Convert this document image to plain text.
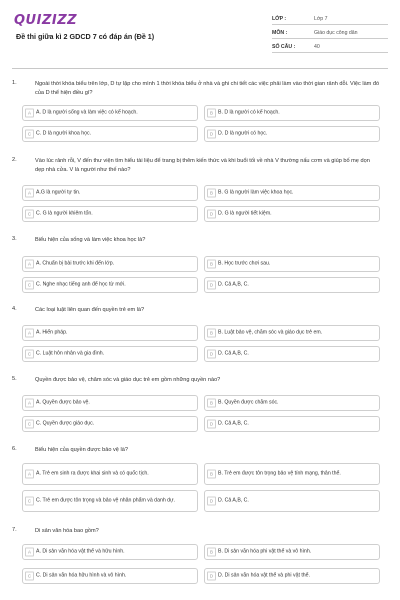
QUIZIZZ
Đề thi giữa kì 2 GDCD 7 có đáp án (Đề 1)
LỚP :	Lớp 7
MÔN :	Giáo dục công dân
SỐ CÂU :	40
1.	Ngoài thời khóa biểu trên lớp, D tự lập cho mình 1 thời khóa biểu ở nhà và ghi chi tiết các việc phải làm vào thời gian rảnh dỗi. Việc làm đó của D thể hiện điều gì?
A A. D là người sống và làm việc có kế hoạch.	B B. D là người có kế hoạch.
C C. D là người khoa học.	D D. D là người có học.
2.	Vào lúc rảnh rỗi, V đến thư viện tìm hiểu tài liệu để trang bị thêm kiến thức và khi buổi tối về nhà V thường nấu cơm và giúp bố mẹ dọn dẹp nhà cửa. V là người như thế nào?
A A.G là người tự tin.	B B. G là người làm việc khoa học.
C C. G là người khiêm tốn.	D D. G là người tiết kiệm.
3.	Biểu hiện của sống và làm việc khoa học là?
A A. Chuẩn bị bài trước khi đến lớp.	B B. Học trước chơi sau.
C C. Nghe nhạc tiếng anh để học từ mới.	D D. Cả A,B, C.
4.	Các loại luật liên quan đến quyền trẻ em là?
A A. Hiến pháp.	B B. Luật bảo vệ, chăm sóc và giáo dục trẻ em.
C C. Luật hôn nhân và gia đình.	D D. Cả A,B, C.
5.	Quyền được bảo vệ, chăm sóc và giáo dục trẻ em gồm những quyền nào?
A A. Quyền được bảo vệ.	B B. Quyền được chăm sóc.
C C. Quyền được giáo dục.	D D. Cả A,B, C.
6.	Biểu hiện của quyền được bảo vệ là?
A A. Trẻ em sinh ra được khai sinh và có quốc tịch.	B B. Trẻ em được tôn trọng bảo vệ tính mạng, thân thể.
C C. Trẻ em được tôn trọng và bảo vệ nhân phẩm và danh dự.	D D. Cả A,B, C.
7.	Di sản văn hóa bao gồm?
A A. Di sản văn hóa vật thể và hữu hình.	B B. Di sản văn hóa phi vật thể và vô hình.
C C. Di sản văn hóa hữu hình và vô hình.	D D. Di sản văn hóa vật thể và phi vật thể.
